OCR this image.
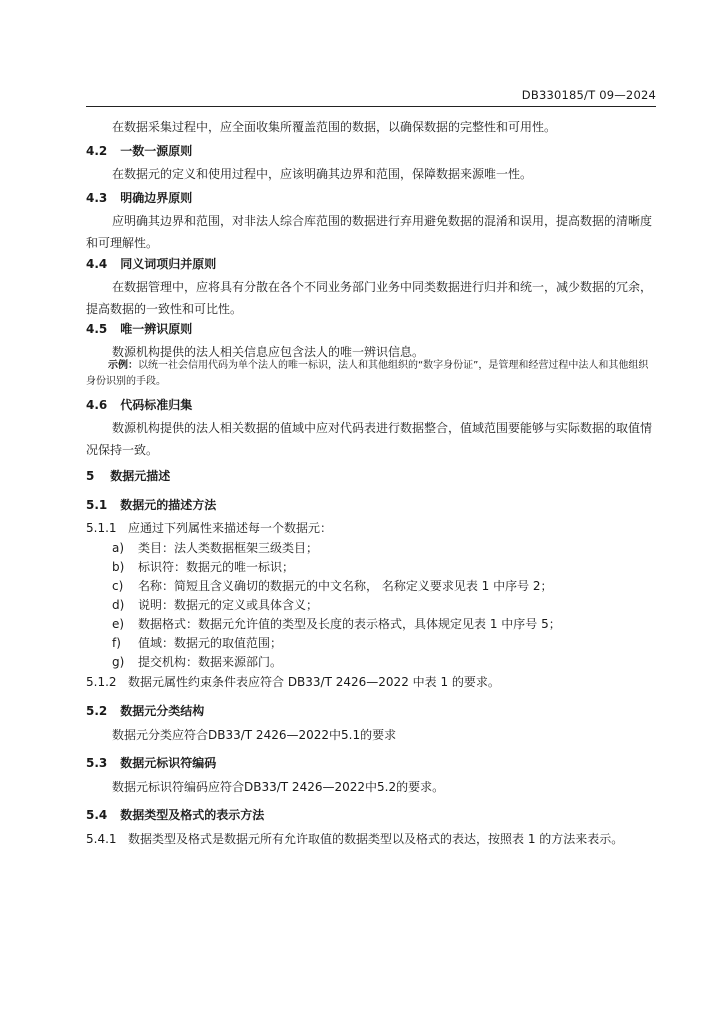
DB330185/T 09—2024
在数据采集过程中，应全面收集所覆盖范围的数据，以确保数据的完整性和可用性。
4.2 一数一源原则
在数据元的定义和使用过程中，应该明确其边界和范围，保障数据来源唯一性。
4.3 明确边界原则
应明确其边界和范围，对非法人综合库范围的数据进行弃用避免数据的混淆和误用，提高数据的清晰度和可理解性。
4.4 同义词项归并原则
在数据管理中，应将具有分散在各个不同业务部门业务中同类数据进行归并和统一，减少数据的冗余，提高数据的一致性和可比性。
4.5 唯一辨识原则
数源机构提供的法人相关信息应包含法人的唯一辨识信息。
示例：以统一社会信用代码为单个法人的唯一标识，法人和其他组织的“数字身份证”，是管理和经营过程中法人和其他组织身份识别的手段。
4.6 代码标准归集
数源机构提供的法人相关数据的值域中应对代码表进行数据整合，值域范围要能够与实际数据的取值情况保持一致。
5 数据元描述
5.1 数据元的描述方法
5.1.1 应通过下列属性来描述每一个数据元：
a) 类目：法人类数据框架三级类目；
b) 标识符：数据元的唯一标识；
c) 名称：简短且含义确切的数据元的中文名称， 名称定义要求见表 1 中序号 2；
d) 说明：数据元的定义或具体含义；
e) 数据格式：数据元允许值的类型及长度的表示格式，具体规定见表 1 中序号 5；
f) 值域：数据元的取值范围；
g) 提交机构：数据来源部门。
5.1.2 数据元属性约束条件表应符合 DB33/T 2426—2022 中表 1 的要求。
5.2 数据元分类结构
数据元分类应符合DB33/T 2426—2022中5.1的要求
5.3 数据元标识符编码
数据元标识符编码应符合DB33/T 2426—2022中5.2的要求。
5.4 数据类型及格式的表示方法
5.4.1 数据类型及格式是数据元所有允许取值的数据类型以及格式的表达，按照表 1 的方法来表示。
